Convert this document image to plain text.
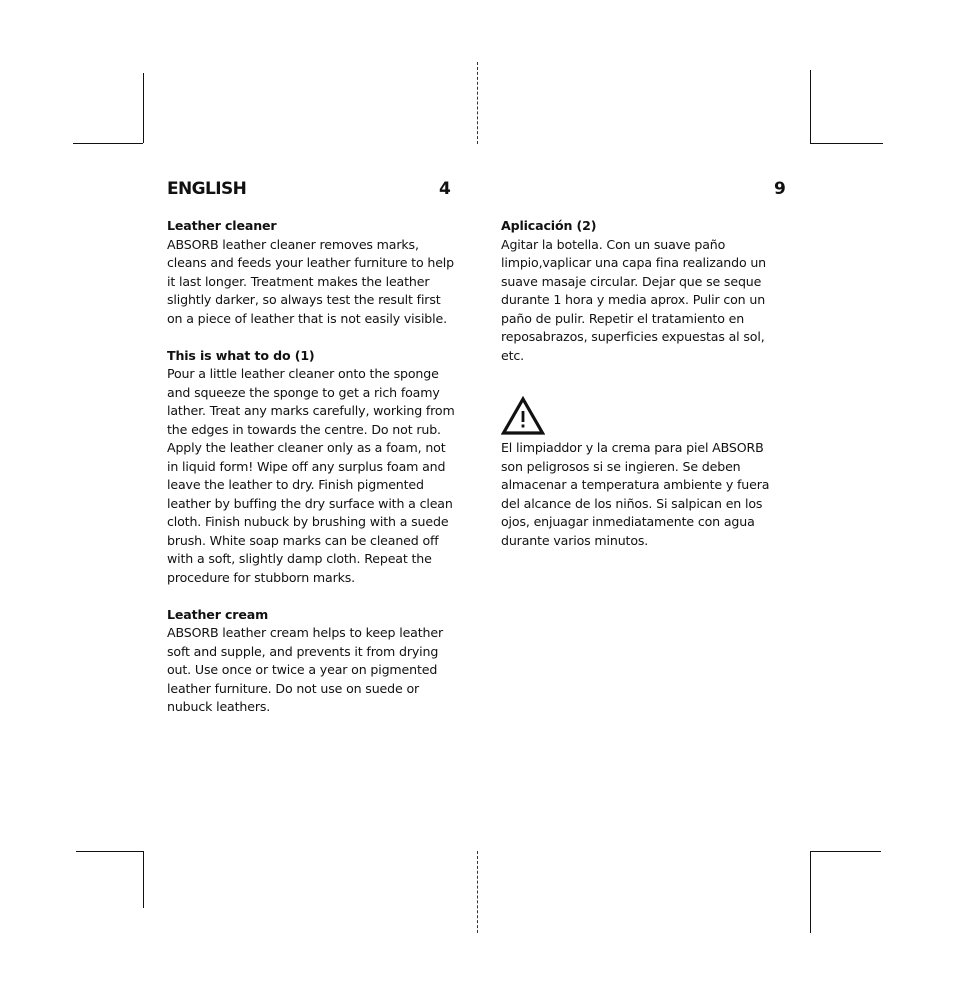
ENGLISH	4	9
Leather cleaner
ABSORB leather cleaner removes marks, cleans and feeds your leather furniture to help it last longer. Treatment makes the leather slightly darker, so always test the result first on a piece of leather that is not easily visible.
This is what to do (1)
Pour a little leather cleaner onto the sponge and squeeze the sponge to get a rich foamy lather. Treat any marks carefully, working from the edges in towards the centre. Do not rub. Apply the leather cleaner only as a foam, not in liquid form! Wipe off any surplus foam and leave the leather to dry. Finish pigmented leather by buffing the dry surface with a clean cloth. Finish nubuck by brushing with a suede brush. White soap marks can be cleaned off with a soft, slightly damp cloth. Repeat the procedure for stubborn marks.
Leather cream
ABSORB leather cream helps to keep leather soft and supple, and prevents it from drying out. Use once or twice a year on pigmented leather furniture. Do not use on suede or nubuck leathers.
Aplicación (2)
Agitar la botella. Con un suave paño limpio,vaplicar una capa fina realizando un suave masaje circular. Dejar que se seque durante 1 hora y media aprox. Pulir con un paño de pulir. Repetir el tratamiento en reposabrazos, superficies expuestas al sol, etc.
El limpiaddor y la crema para piel ABSORB son peligrosos si se ingieren. Se deben almacenar a temperatura ambiente y fuera del alcance de los niños. Si salpican en los ojos, enjuagar inmediatamente con agua durante varios minutos.
